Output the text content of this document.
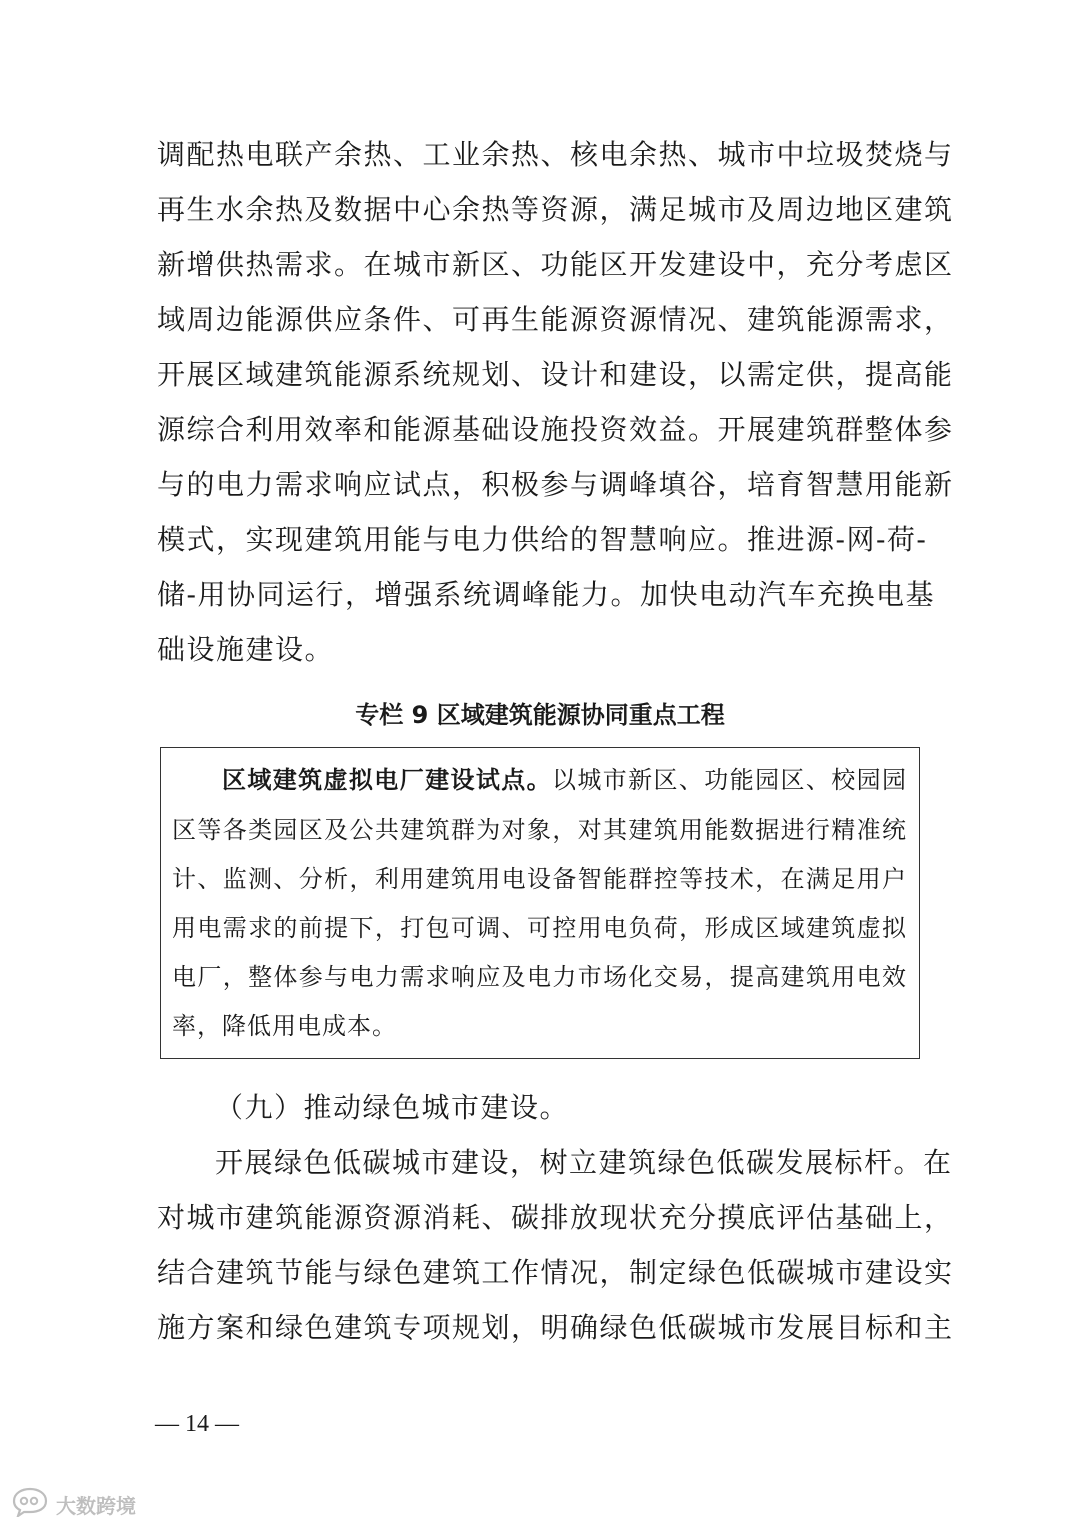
调配热电联产余热、工业余热、核电余热、城市中垃圾焚烧与
再生水余热及数据中心余热等资源，满足城市及周边地区建筑
新增供热需求。在城市新区、功能区开发建设中，充分考虑区
域周边能源供应条件、可再生能源资源情况、建筑能源需求，
开展区域建筑能源系统规划、设计和建设，以需定供，提高能
源综合利用效率和能源基础设施投资效益。开展建筑群整体参
与的电力需求响应试点，积极参与调峰填谷，培育智慧用能新
模式，实现建筑用能与电力供给的智慧响应。推进源-网-荷-
储-用协同运行，增强系统调峰能力。加快电动汽车充换电基
础设施建设。
专栏 9 区域建筑能源协同重点工程
区域建筑虚拟电厂建设试点。以城市新区、功能园区、校园园
区等各类园区及公共建筑群为对象，对其建筑用能数据进行精准统
计、监测、分析，利用建筑用电设备智能群控等技术，在满足用户
用电需求的前提下，打包可调、可控用电负荷，形成区域建筑虚拟
电厂，整体参与电力需求响应及电力市场化交易，提高建筑用电效
率，降低用电成本。
（九）推动绿色城市建设。
开展绿色低碳城市建设，树立建筑绿色低碳发展标杆。在
对城市建筑能源资源消耗、碳排放现状充分摸底评估基础上，
结合建筑节能与绿色建筑工作情况，制定绿色低碳城市建设实
施方案和绿色建筑专项规划，明确绿色低碳城市发展目标和主
— 14 —
大数跨境
